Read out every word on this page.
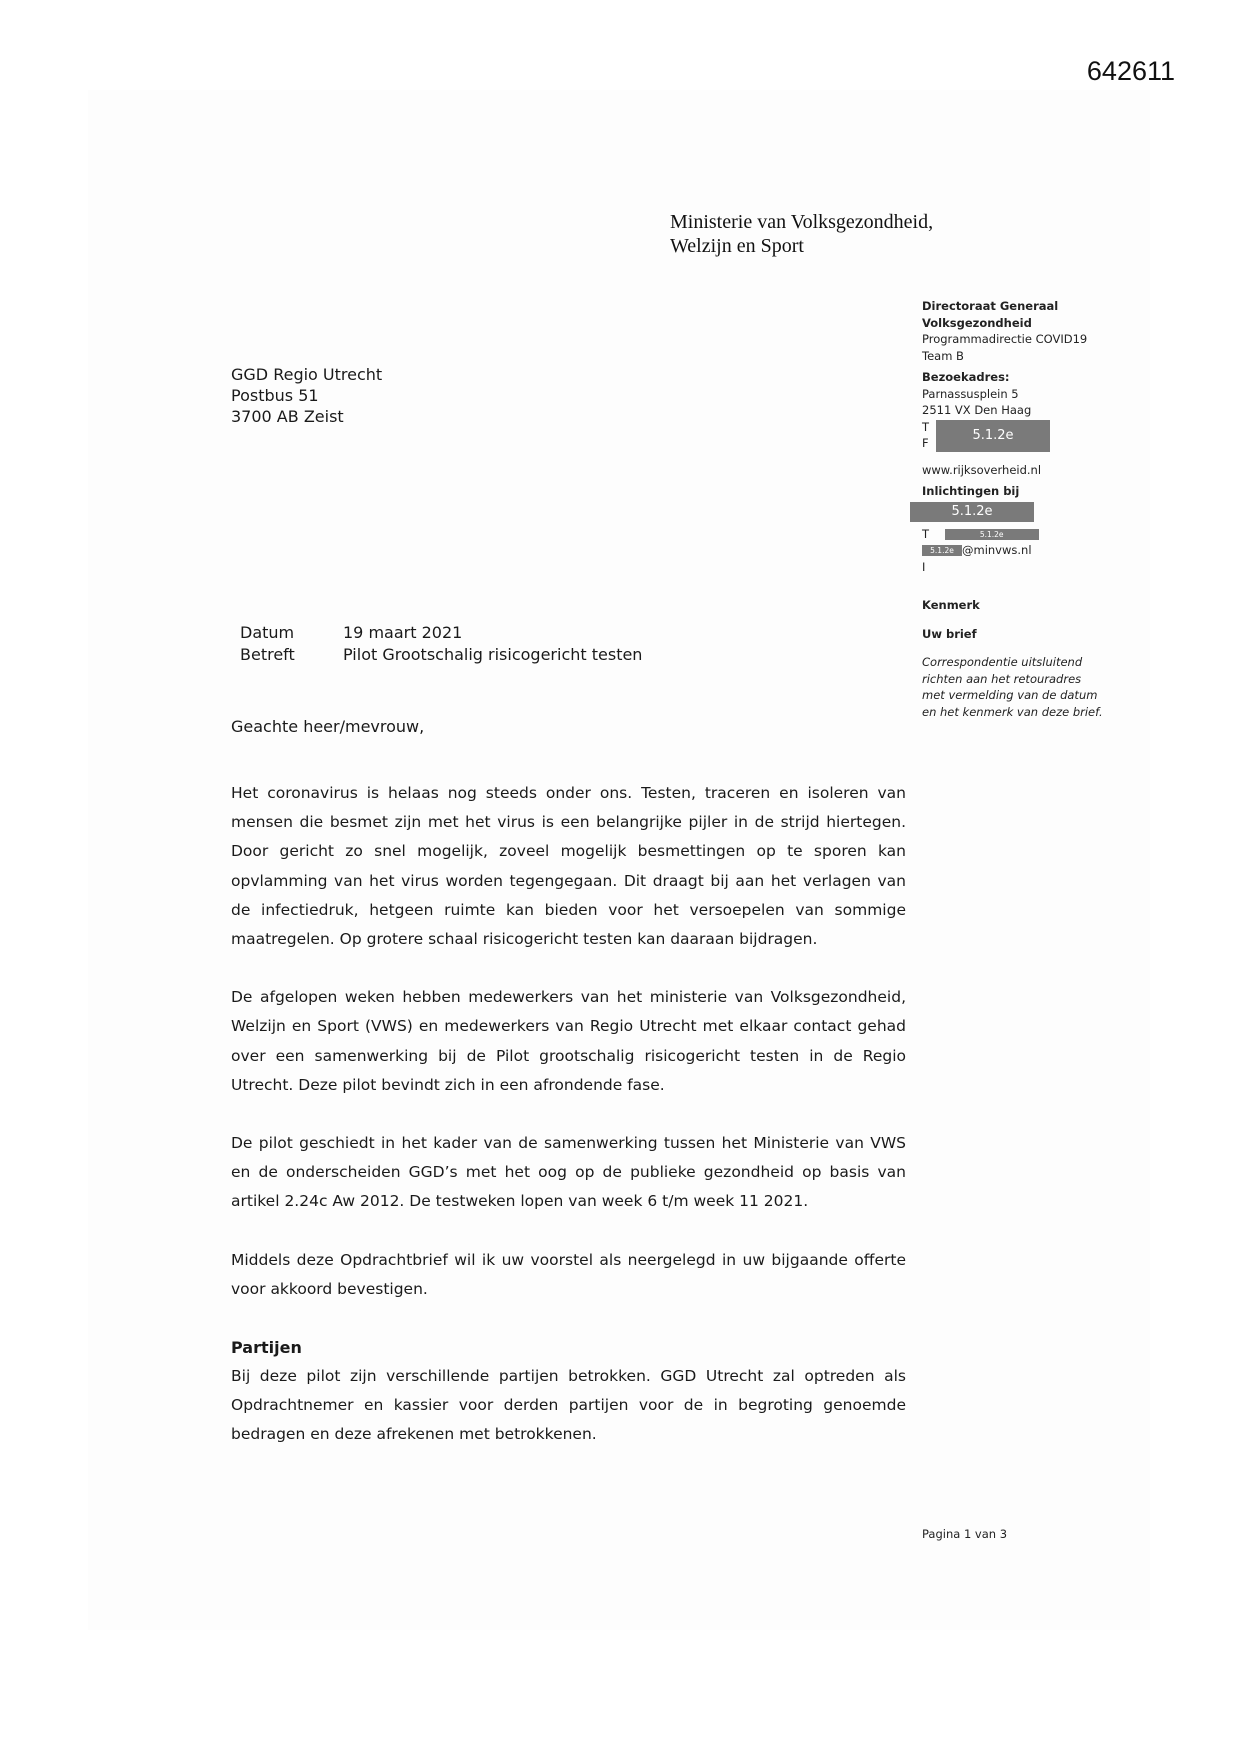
642611
Ministerie van Volksgezondheid,
Welzijn en Sport
GGD Regio Utrecht
Postbus 51
3700 AB Zeist
Directoraat Generaal
Volksgezondheid
Programmadirectie COVID19
Team B
Bezoekadres:
Parnassusplein 5
2511 VX Den Haag
T
5.1.2e
F
www.rijksoverheid.nl
Inlichtingen bij
5.1.2e
T	5.1.2e
5.1.2e @minvws.nl
I
Kenmerk
Uw brief
Correspondentie uitsluitend richten aan het retouradres met vermelding van de datum en het kenmerk van deze brief.
Datum	19 maart 2021
Betreft	Pilot Grootschalig risicogericht testen
Geachte heer/mevrouw,

Het coronavirus is helaas nog steeds onder ons. Testen, traceren en isoleren van mensen die besmet zijn met het virus is een belangrijke pijler in de strijd hiertegen. Door gericht zo snel mogelijk, zoveel mogelijk besmettingen op te sporen kan opvlamming van het virus worden tegengegaan. Dit draagt bij aan het verlagen van de infectiedruk, hetgeen ruimte kan bieden voor het versoepelen van sommige maatregelen. Op grotere schaal risicogericht testen kan daaraan bijdragen.

De afgelopen weken hebben medewerkers van het ministerie van Volksgezondheid, Welzijn en Sport (VWS) en medewerkers van Regio Utrecht met elkaar contact gehad over een samenwerking bij de Pilot grootschalig risicogericht testen in de Regio Utrecht. Deze pilot bevindt zich in een afrondende fase.

De pilot geschiedt in het kader van de samenwerking tussen het Ministerie van VWS en de onderscheiden GGD’s met het oog op de publieke gezondheid op basis van artikel 2.24c Aw 2012. De testweken lopen van week 6 t/m week 11 2021.

Middels deze Opdrachtbrief wil ik uw voorstel als neergelegd in uw bijgaande offerte voor akkoord bevestigen.

Partijen

Bij deze pilot zijn verschillende partijen betrokken. GGD Utrecht zal optreden als Opdrachtnemer en kassier voor derden partijen voor de in begroting genoemde bedragen en deze afrekenen met betrokkenen.

Pagina 1 van 3
